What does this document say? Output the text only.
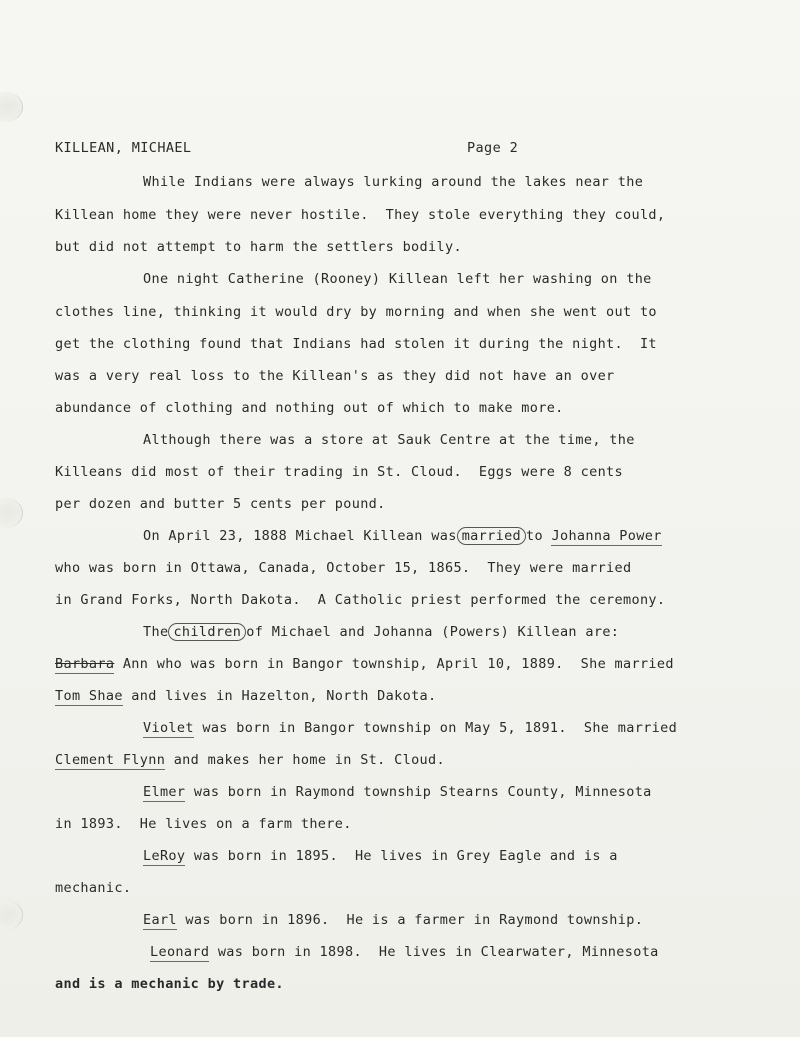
KILLEAN, MICHAEL	Page 2
While Indians were always lurking around the lakes near the
Killean home they were never hostile.  They stole everything they could,
but did not attempt to harm the settlers bodily.
One night Catherine (Rooney) Killean left her washing on the
clothes line, thinking it would dry by morning and when she went out to
get the clothing found that Indians had stolen it during the night.  It
was a very real loss to the Killean's as they did not have an over
abundance of clothing and nothing out of which to make more.
Although there was a store at Sauk Centre at the time, the
Killeans did most of their trading in St. Cloud.  Eggs were 8 cents
per dozen and butter 5 cents per pound.
On April 23, 1888 Michael Killean was married to Johanna Power
who was born in Ottawa, Canada, October 15, 1865.  They were married
in Grand Forks, North Dakota.  A Catholic priest performed the ceremony.
The children of Michael and Johanna (Powers) Killean are:
Barbara Ann who was born in Bangor township, April 10, 1889.  She married
Tom Shae and lives in Hazelton, North Dakota.
Violet was born in Bangor township on May 5, 1891.  She married
Clement Flynn and makes her home in St. Cloud.
Elmer was born in Raymond township Stearns County, Minnesota
in 1893.  He lives on a farm there.
LeRoy was born in 1895.  He lives in Grey Eagle and is a
mechanic.
Earl was born in 1896.  He is a farmer in Raymond township.
Leonard was born in 1898.  He lives in Clearwater, Minnesota
and is a mechanic by trade.
